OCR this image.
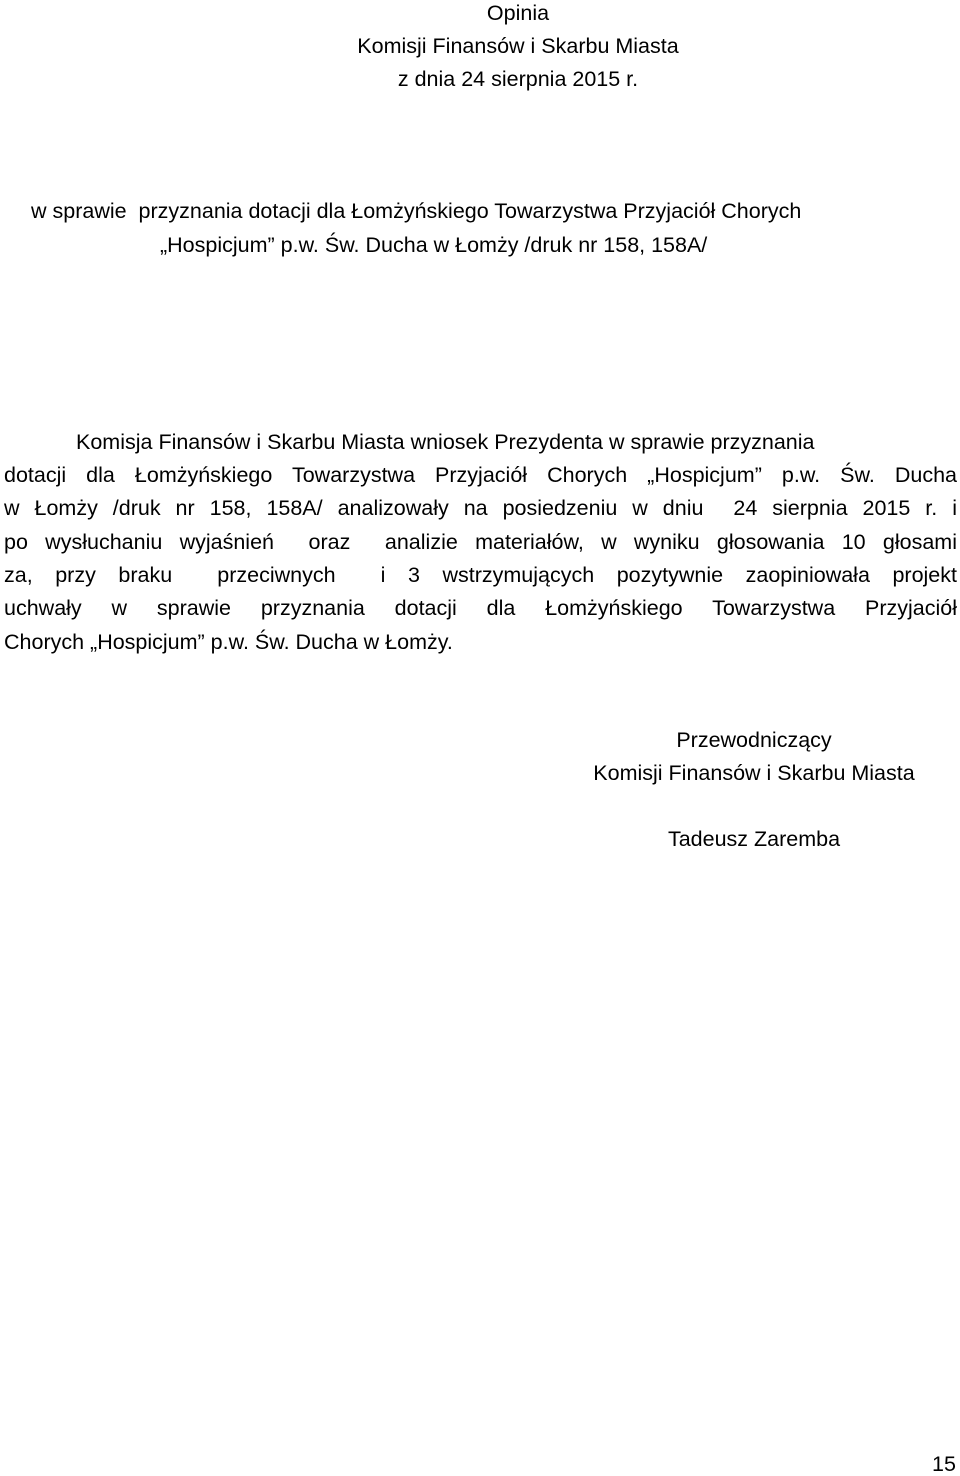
Opinia
Komisji Finansów i Skarbu Miasta
z dnia 24 sierpnia 2015 r.
w sprawie  przyznania dotacji dla Łomżyńskiego Towarzystwa Przyjaciół Chorych
„Hospicjum” p.w. Św. Ducha w Łomży /druk nr 158, 158A/
Komisja Finansów i Skarbu Miasta wniosek Prezydenta w sprawie przyznania
dotacji dla Łomżyńskiego Towarzystwa Przyjaciół Chorych „Hospicjum” p.w. Św. Ducha
w Łomży /druk nr 158, 158A/ analizowały na posiedzeniu w dniu  24 sierpnia 2015 r. i
po wysłuchaniu wyjaśnień  oraz  analizie materiałów, w wyniku głosowania 10 głosami
za, przy braku  przeciwnych  i 3 wstrzymujących pozytywnie zaopiniowała projekt
uchwały w sprawie przyznania dotacji dla Łomżyńskiego Towarzystwa Przyjaciół
Chorych „Hospicjum” p.w. Św. Ducha w Łomży.
Przewodniczący
Komisji Finansów i Skarbu Miasta
Tadeusz Zaremba
15
